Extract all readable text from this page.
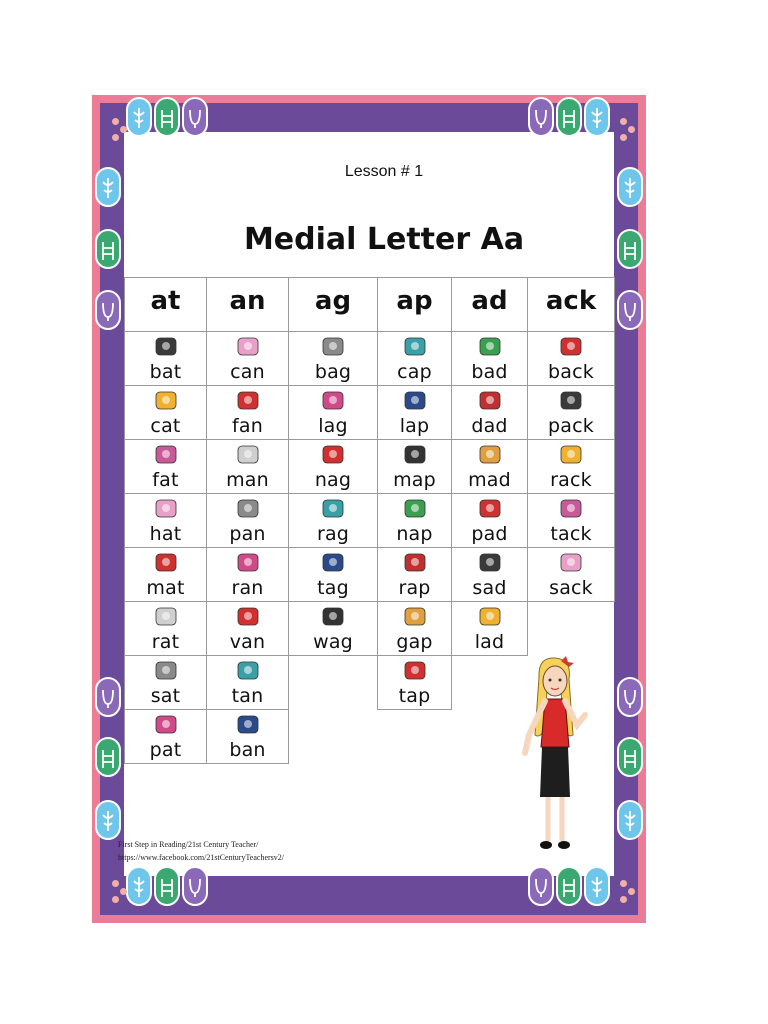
Lesson # 1
Medial Letter Aa
at
bat
cat
fat
hat
mat
rat
sat
pat
an
can
fan
man
pan
ran
van
tan
ban
ag
bag
lag
nag
rag
tag
wag
ap
cap
lap
map
nap
rap
gap
tap
ad
bad
dad
mad
pad
sad
lad
ack
back
pack
rack
tack
sack
First Step in Reading/21st Century Teacher/
https://www.facebook.com/21stCenturyTeachersv2/
